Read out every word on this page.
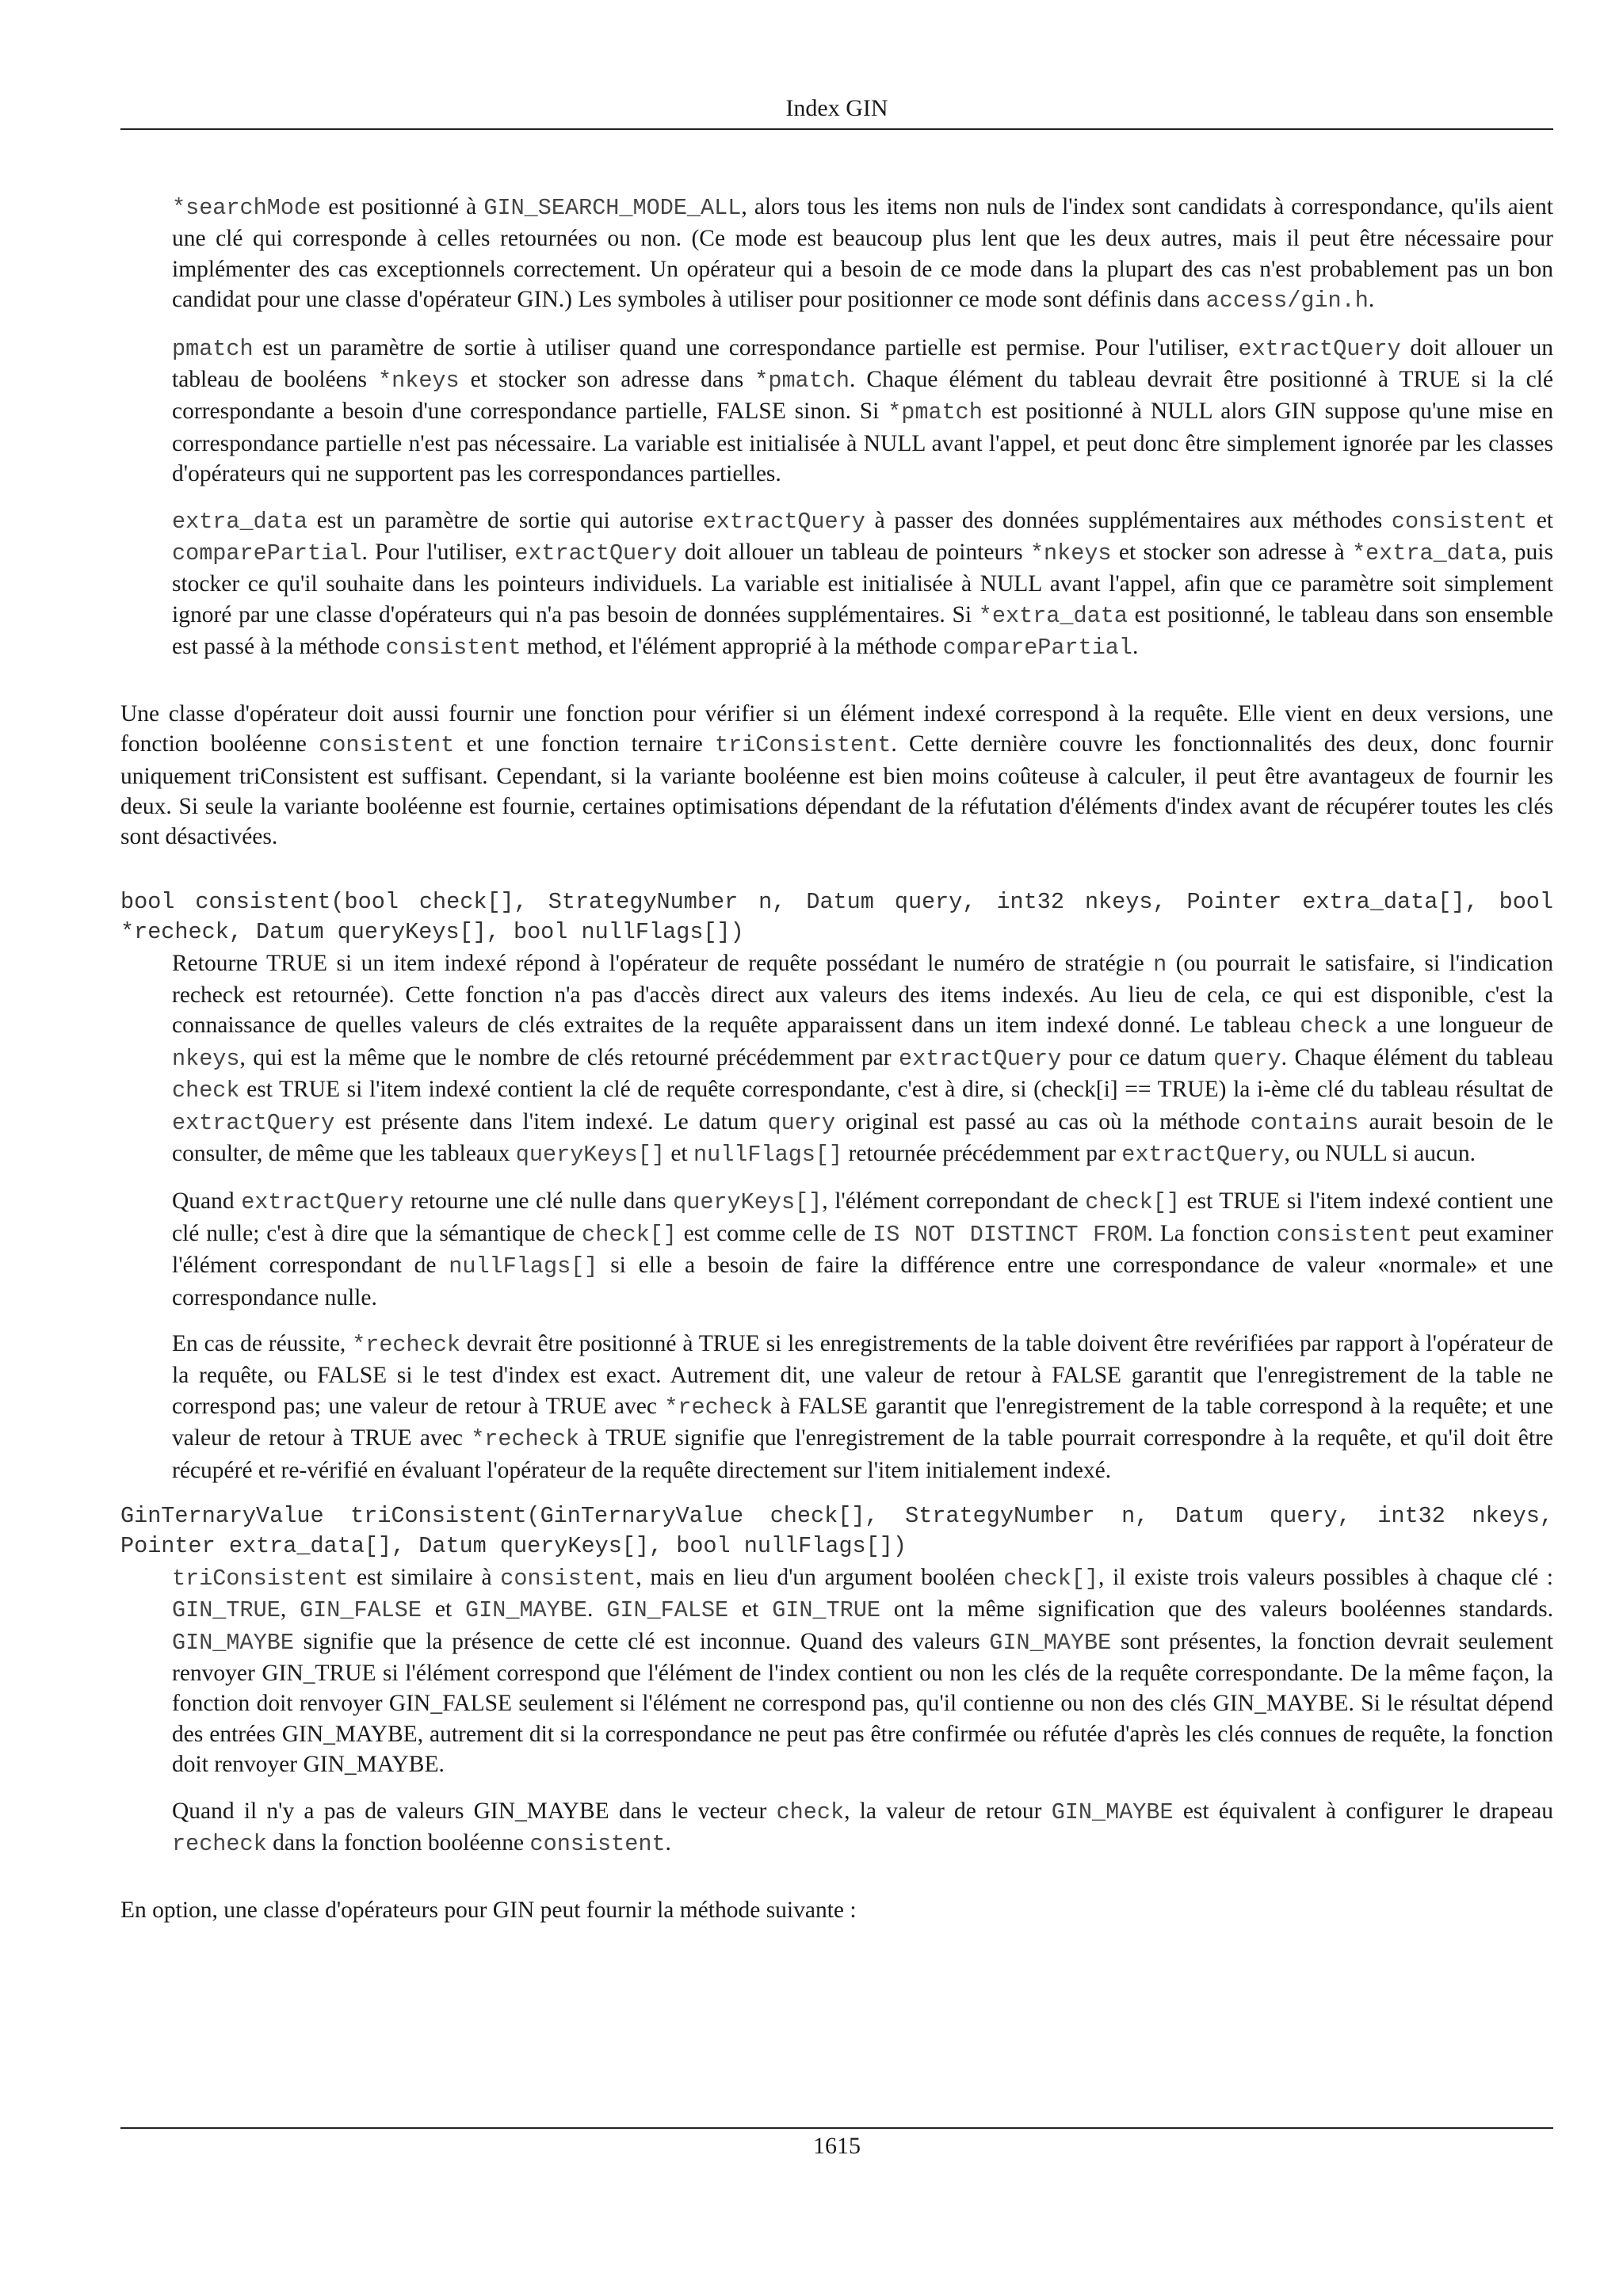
Index GIN

*searchMode est positionné à GIN_SEARCH_MODE_ALL, alors tous les items non nuls de l'index sont candidats à correspondance, qu'ils aient une clé qui corresponde à celles retournées ou non. (Ce mode est beaucoup plus lent que les deux autres, mais il peut être nécessaire pour implémenter des cas exceptionnels correctement. Un opérateur qui a besoin de ce mode dans la plupart des cas n'est probablement pas un bon candidat pour une classe d'opérateur GIN.) Les symboles à utiliser pour positionner ce mode sont définis dans access/gin.h.

pmatch est un paramètre de sortie à utiliser quand une correspondance partielle est permise. Pour l'utiliser, extractQuery doit allouer un tableau de booléens *nkeys et stocker son adresse dans *pmatch. Chaque élément du tableau devrait être positionné à TRUE si la clé correspondante a besoin d'une correspondance partielle, FALSE sinon. Si *pmatch est positionné à NULL alors GIN suppose qu'une mise en correspondance partielle n'est pas nécessaire. La variable est initialisée à NULL avant l'appel, et peut donc être simplement ignorée par les classes d'opérateurs qui ne supportent pas les correspondances partielles.

extra_data est un paramètre de sortie qui autorise extractQuery à passer des données supplémentaires aux méthodes consistent et comparePartial. Pour l'utiliser, extractQuery doit allouer un tableau de pointeurs *nkeys et stocker son adresse à *extra_data, puis stocker ce qu'il souhaite dans les pointeurs individuels. La variable est initialisée à NULL avant l'appel, afin que ce paramètre soit simplement ignoré par une classe d'opérateurs qui n'a pas besoin de données supplémentaires. Si *extra_data est positionné, le tableau dans son ensemble est passé à la méthode consistent method, et l'élément approprié à la méthode comparePartial.

Une classe d'opérateur doit aussi fournir une fonction pour vérifier si un élément indexé correspond à la requête. Elle vient en deux versions, une fonction booléenne consistent et une fonction ternaire triConsistent. Cette dernière couvre les fonctionnalités des deux, donc fournir uniquement triConsistent est suffisant. Cependant, si la variante booléenne est bien moins coûteuse à calculer, il peut être avantageux de fournir les deux. Si seule la variante booléenne est fournie, certaines optimisations dépendant de la réfutation d'éléments d'index avant de récupérer toutes les clés sont désactivées.

bool consistent(bool check[], StrategyNumber n, Datum query, int32 nkeys, Pointer extra_data[], bool *recheck, Datum queryKeys[], bool nullFlags[])

Retourne TRUE si un item indexé répond à l'opérateur de requête possédant le numéro de stratégie n (ou pourrait le satisfaire, si l'indication recheck est retournée). Cette fonction n'a pas d'accès direct aux valeurs des items indexés. Au lieu de cela, ce qui est disponible, c'est la connaissance de quelles valeurs de clés extraites de la requête apparaissent dans un item indexé donné. Le tableau check a une longueur de nkeys, qui est la même que le nombre de clés retourné précédemment par extractQuery pour ce datum query. Chaque élément du tableau check est TRUE si l'item indexé contient la clé de requête correspondante, c'est à dire, si (check[i] == TRUE) la i-ème clé du tableau résultat de extractQuery est présente dans l'item indexé. Le datum query original est passé au cas où la méthode contains aurait besoin de le consulter, de même que les tableaux queryKeys[] et nullFlags[] retournée précédemment par extractQuery, ou NULL si aucun.

Quand extractQuery retourne une clé nulle dans queryKeys[], l'élément correpondant de check[] est TRUE si l'item indexé contient une clé nulle; c'est à dire que la sémantique de check[] est comme celle de IS NOT DISTINCT FROM. La fonction consistent peut examiner l'élément correspondant de nullFlags[] si elle a besoin de faire la différence entre une correspondance de valeur «normale» et une correspondance nulle.

En cas de réussite, *recheck devrait être positionné à TRUE si les enregistrements de la table doivent être revérifiées par rapport à l'opérateur de la requête, ou FALSE si le test d'index est exact. Autrement dit, une valeur de retour à FALSE garantit que l'enregistrement de la table ne correspond pas; une valeur de retour à TRUE avec *recheck à FALSE garantit que l'enregistrement de la table correspond à la requête; et une valeur de retour à TRUE avec *recheck à TRUE signifie que l'enregistrement de la table pourrait correspondre à la requête, et qu'il doit être récupéré et re-vérifié en évaluant l'opérateur de la requête directement sur l'item initialement indexé.

GinTernaryValue triConsistent(GinTernaryValue check[], StrategyNumber n, Datum query, int32 nkeys, Pointer extra_data[], Datum queryKeys[], bool nullFlags[])

triConsistent est similaire à consistent, mais en lieu d'un argument booléen check[], il existe trois valeurs possibles à chaque clé : GIN_TRUE, GIN_FALSE et GIN_MAYBE. GIN_FALSE et GIN_TRUE ont la même signification que des valeurs booléennes standards. GIN_MAYBE signifie que la présence de cette clé est inconnue. Quand des valeurs GIN_MAYBE sont présentes, la fonction devrait seulement renvoyer GIN_TRUE si l'élément correspond que l'élément de l'index contient ou non les clés de la requête correspondante. De la même façon, la fonction doit renvoyer GIN_FALSE seulement si l'élément ne correspond pas, qu'il contienne ou non des clés GIN_MAYBE. Si le résultat dépend des entrées GIN_MAYBE, autrement dit si la correspondance ne peut pas être confirmée ou réfutée d'après les clés connues de requête, la fonction doit renvoyer GIN_MAYBE.

Quand il n'y a pas de valeurs GIN_MAYBE dans le vecteur check, la valeur de retour GIN_MAYBE est équivalent à configurer le drapeau recheck dans la fonction booléenne consistent.

En option, une classe d'opérateurs pour GIN peut fournir la méthode suivante :

1615
